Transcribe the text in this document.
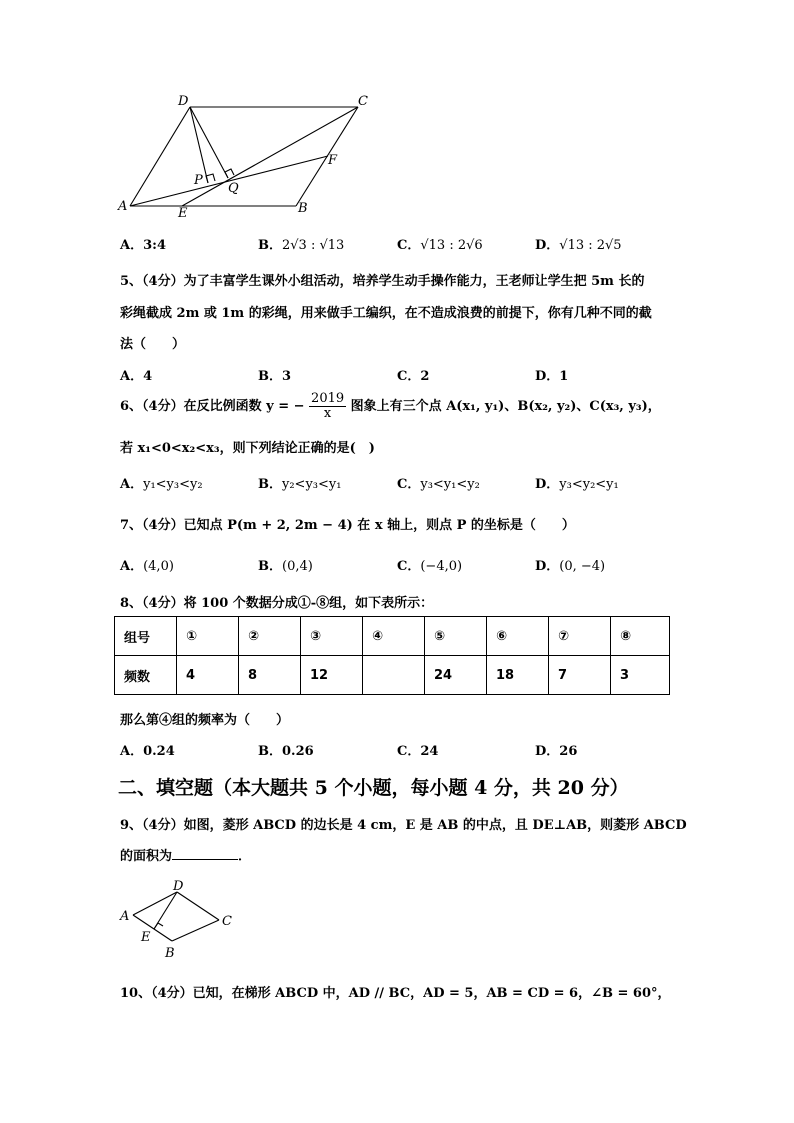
D	C
A	B
E
F
P
Q
A．3:4	B．2√3 : √13	C．√13 : 2√6	D．√13 : 2√5
5、（4分）为了丰富学生课外小组活动，培养学生动手操作能力，王老师让学生把 5m 长的
彩绳截成 2m 或 1m 的彩绳，用来做手工编织，在不造成浪费的前提下，你有几种不同的截
法（　　）
A．4	B．3	C．2	D．1
6、（4分）在反比例函数 y = − $\frac{2019}{x}$ 图象上有三个点 A(x₁, y₁)、B(x₂, y₂)、C(x₃, y₃)，
若 x₁<0<x₂<x₃，则下列结论正确的是(　)
A．y₁<y₃<y₂	B．y₂<y₃<y₁	C．y₃<y₁<y₂	D．y₃<y₂<y₁
7、（4分）已知点 P(m + 2, 2m − 4) 在 x 轴上，则点 P 的坐标是（　　）
A．(4,0)	B．(0,4)	C．(−4,0)	D．(0, −4)
8、（4分）将 100 个数据分成①-⑧组，如下表所示：
组号	①	②	③	④	⑤	⑥	⑦	⑧
频数	4	8	12		24	18	7	3
那么第④组的频率为（　　）
A．0.24	B．0.26	C．24	D．26
二、填空题（本大题共 5 个小题，每小题 4 分，共 20 分）
9、（4分）如图，菱形 ABCD 的边长是 4 cm，E 是 AB 的中点，且 DE⊥AB，则菱形 ABCD
的面积为	．
A
D
C
E
B
10、（4分）已知，在梯形 ABCD 中，AD // BC，AD = 5，AB = CD = 6，∠B = 60°，
